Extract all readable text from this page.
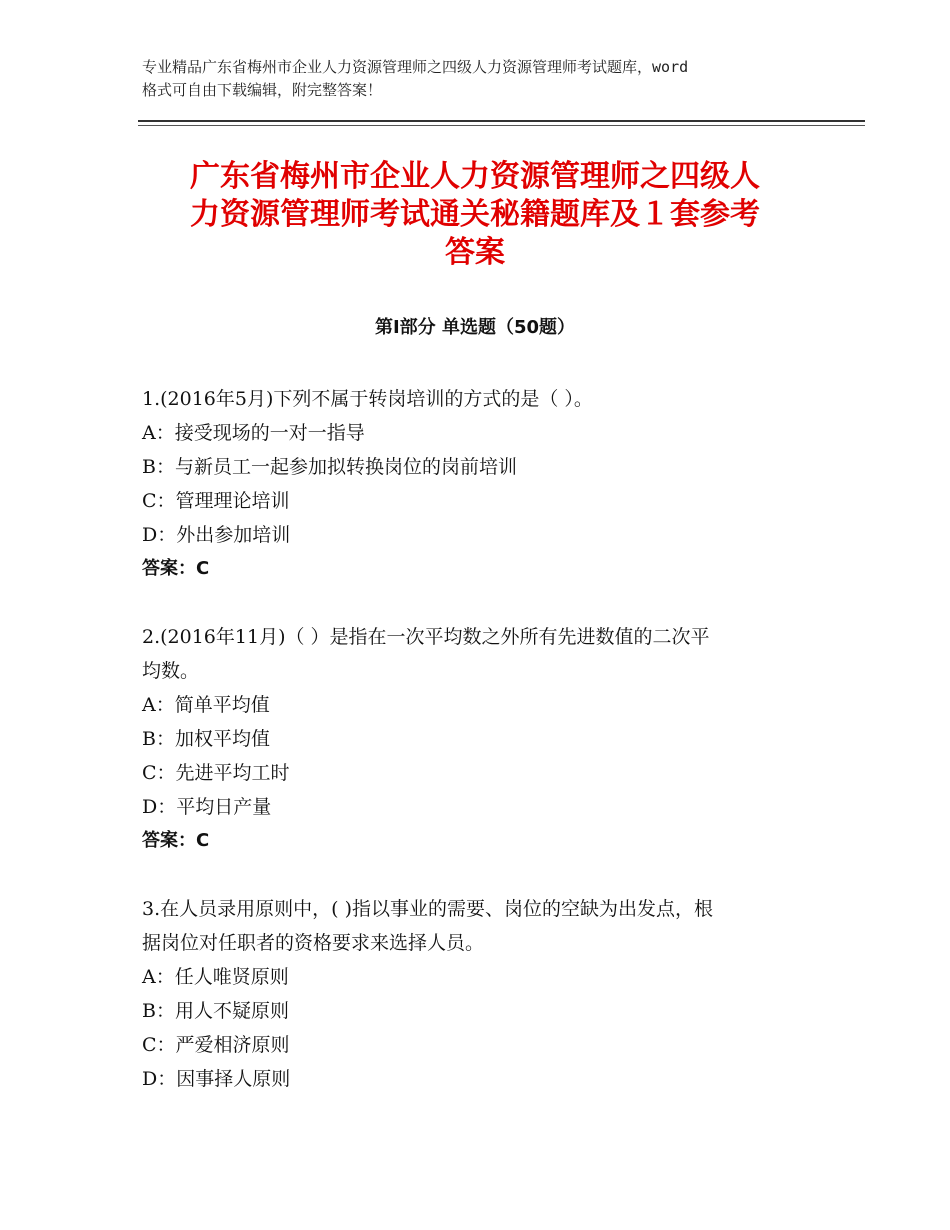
专业精品广东省梅州市企业人力资源管理师之四级人力资源管理师考试题库，word
格式可自由下载编辑，附完整答案！
广东省梅州市企业人力资源管理师之四级人
力资源管理师考试通关秘籍题库及１套参考
答案
第Ⅰ部分 单选题（50题）
1.(2016年5月)下列不属于转岗培训的方式的是（ ）。
A：接受现场的一对一指导
B：与新员工一起参加拟转换岗位的岗前培训
C：管理理论培训
D：外出参加培训
答案：C
2.(2016年11月)（ ）是指在一次平均数之外所有先进数值的二次平
均数。
A：简单平均值
B：加权平均值
C：先进平均工时
D：平均日产量
答案：C
3.在人员录用原则中，( )指以事业的需要、岗位的空缺为出发点，根
据岗位对任职者的资格要求来选择人员。
A：任人唯贤原则
B：用人不疑原则
C：严爱相济原则
D：因事择人原则
